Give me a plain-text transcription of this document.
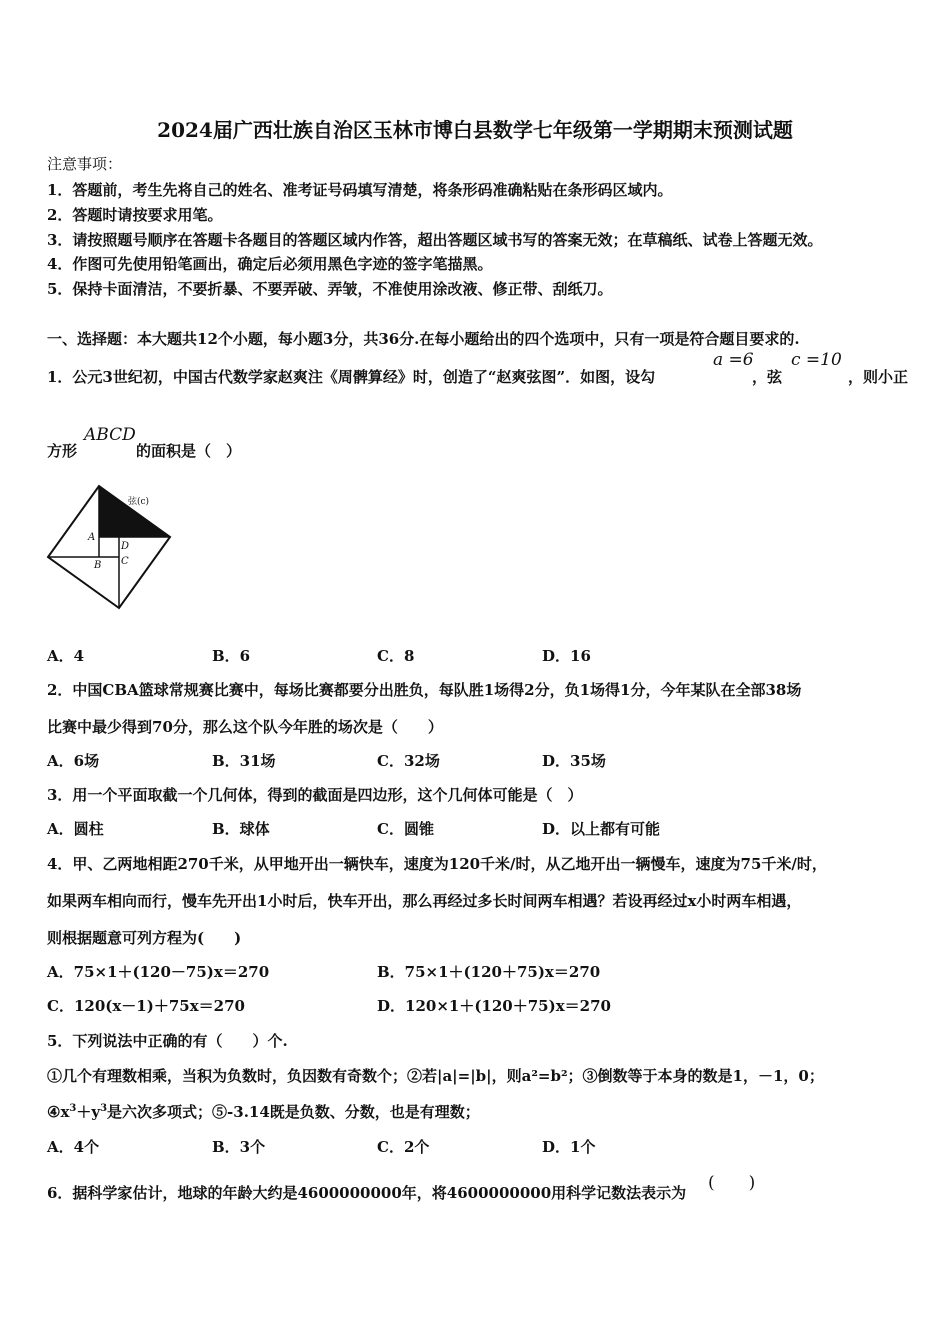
2024届广西壮族自治区玉林市博白县数学七年级第一学期期末预测试题
注意事项：
1．答题前，考生先将自己的姓名、准考证号码填写清楚，将条形码准确粘贴在条形码区域内。
2．答题时请按要求用笔。
3．请按照题号顺序在答题卡各题目的答题区域内作答，超出答题区域书写的答案无效；在草稿纸、试卷上答题无效。
4．作图可先使用铅笔画出，确定后必须用黑色字迹的签字笔描黑。
5．保持卡面清洁，不要折暴、不要弄破、弄皱，不准使用涂改液、修正带、刮纸刀。
一、选择题：本大题共12个小题，每小题3分，共36分.在每小题给出的四个选项中，只有一项是符合题目要求的.
1．公元3世纪初，中国古代数学家赵爽注《周髀算经》时，创造了“赵爽弦图”．如图，设勾
a =6
，弦
c =10
，则小正
方形
ABCD
的面积是（　）
弦(c)
A
D
B C
A．4	B．6	C．8	D．16
2．中国CBA篮球常规赛比赛中，每场比赛都要分出胜负，每队胜1场得2分，负1场得1分，今年某队在全部38场
比赛中最少得到70分，那么这个队今年胜的场次是（　　）
A．6场	B．31场	C．32场	D．35场
3．用一个平面取截一个几何体，得到的截面是四边形，这个几何体可能是（　）
A．圆柱	B．球体	C．圆锥	D．以上都有可能
4．甲、乙两地相距270千米，从甲地开出一辆快车，速度为120千米/时，从乙地开出一辆慢车，速度为75千米/时，
如果两车相向而行，慢车先开出1小时后，快车开出，那么再经过多长时间两车相遇？若设再经过x小时两车相遇，
则根据题意可列方程为(　　)
A．75×1＋(120－75)x＝270	B．75×1＋(120＋75)x＝270
C．120(x－1)＋75x＝270	D．120×1＋(120＋75)x＝270
5．下列说法中正确的有（　　）个.
①几个有理数相乘，当积为负数时，负因数有奇数个；②若|a|=|b|，则a²=b²；③倒数等于本身的数是1，－1，0；
$④x^3+y^3$是六次多项式；⑤-3.14既是负数、分数，也是有理数；
A．4个	B．3个	C．2个	D．1个
6．据科学家估计，地球的年龄大约是4600000000年，将4600000000用科学记数法表示为 (　　)
